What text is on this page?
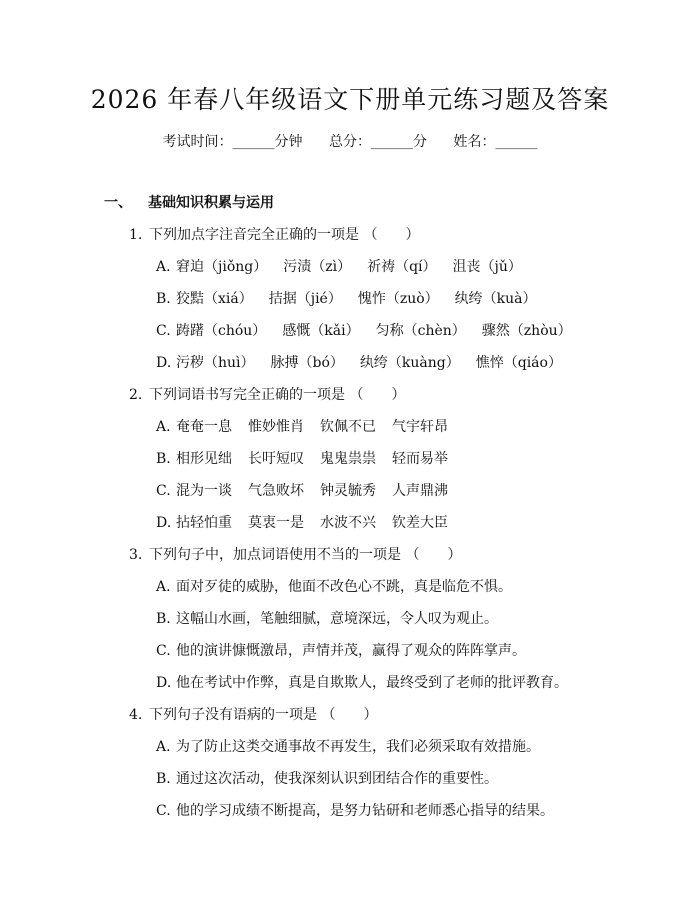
2026 年春八年级语文下册单元练习题及答案
考试时间：______分钟 总分：______分 姓名：______
一、 基础知识积累与运用
1. 下列加点字注音完全正确的一项是 （　　）
A. 窘迫（jiǒng） 污渍（zì） 祈祷（qí） 沮丧（jǔ）
B. 狡黠（xiá） 拮据（jié） 愧怍（zuò） 纨绔（kuà）
C. 踌躇（chóu） 感慨（kǎi） 匀称（chèn） 骤然（zhòu）
D. 污秽（huì） 脉搏（bó） 纨绔（kuàng） 憔悴（qiáo）
2. 下列词语书写完全正确的一项是 （　　）
A. 奄奄一息 惟妙惟肖 钦佩不已 气宇轩昂
B. 相形见绌 长吁短叹 鬼鬼祟祟 轻而易举
C. 混为一谈 气急败坏 钟灵毓秀 人声鼎沸
D. 拈轻怕重 莫衷一是 水波不兴 钦差大臣
3. 下列句子中，加点词语使用不当的一项是 （　　）
A. 面对歹徒的威胁，他面不改色心不跳，真是临危不惧。
B. 这幅山水画，笔触细腻，意境深远，令人叹为观止。
C. 他的演讲慷慨激昂，声情并茂，赢得了观众的阵阵掌声。
D. 他在考试中作弊，真是自欺欺人，最终受到了老师的批评教育。
4. 下列句子没有语病的一项是 （　　）
A. 为了防止这类交通事故不再发生，我们必须采取有效措施。
B. 通过这次活动，使我深刻认识到团结合作的重要性。
C. 他的学习成绩不断提高，是努力钻研和老师悉心指导的结果。
